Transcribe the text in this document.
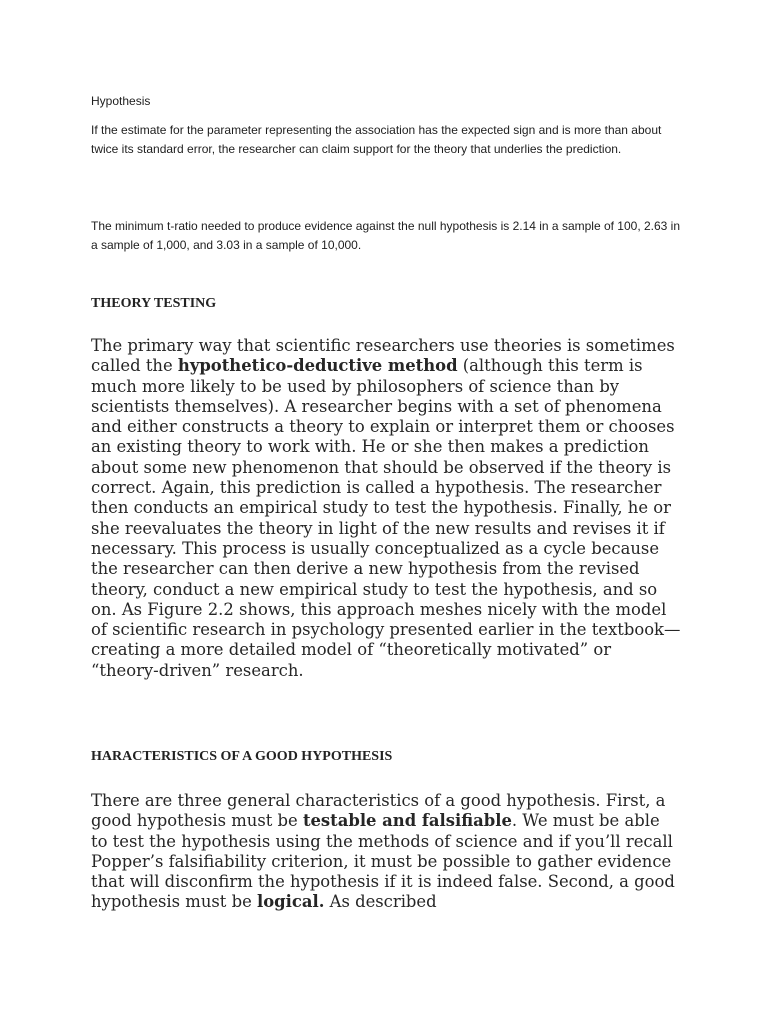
Hypothesis

If the estimate for the parameter representing the association has the expected sign and is more than about twice its standard error, the researcher can claim support for the theory that underlies the prediction.

The minimum t-ratio needed to produce evidence against the null hypothesis is 2.14 in a sample of 100, 2.63 in a sample of 1,000, and 3.03 in a sample of 10,000.

THEORY TESTING

The primary way that scientific researchers use theories is sometimes called the hypothetico-deductive method (although this term is much more likely to be used by philosophers of science than by scientists themselves). A researcher begins with a set of phenomena and either constructs a theory to explain or interpret them or chooses an existing theory to work with. He or she then makes a prediction about some new phenomenon that should be observed if the theory is correct. Again, this prediction is called a hypothesis. The researcher then conducts an empirical study to test the hypothesis. Finally, he or she reevaluates the theory in light of the new results and revises it if necessary. This process is usually conceptualized as a cycle because the researcher can then derive a new hypothesis from the revised theory, conduct a new empirical study to test the hypothesis, and so on. As Figure 2.2 shows, this approach meshes nicely with the model of scientific research in psychology presented earlier in the textbook—creating a more detailed model of “theoretically motivated” or “theory-driven” research.

HARACTERISTICS OF A GOOD HYPOTHESIS

There are three general characteristics of a good hypothesis. First, a good hypothesis must be testable and falsifiable. We must be able to test the hypothesis using the methods of science and if you’ll recall Popper’s falsifiability criterion, it must be possible to gather evidence that will disconfirm the hypothesis if it is indeed false. Second, a good hypothesis must be logical. As described
